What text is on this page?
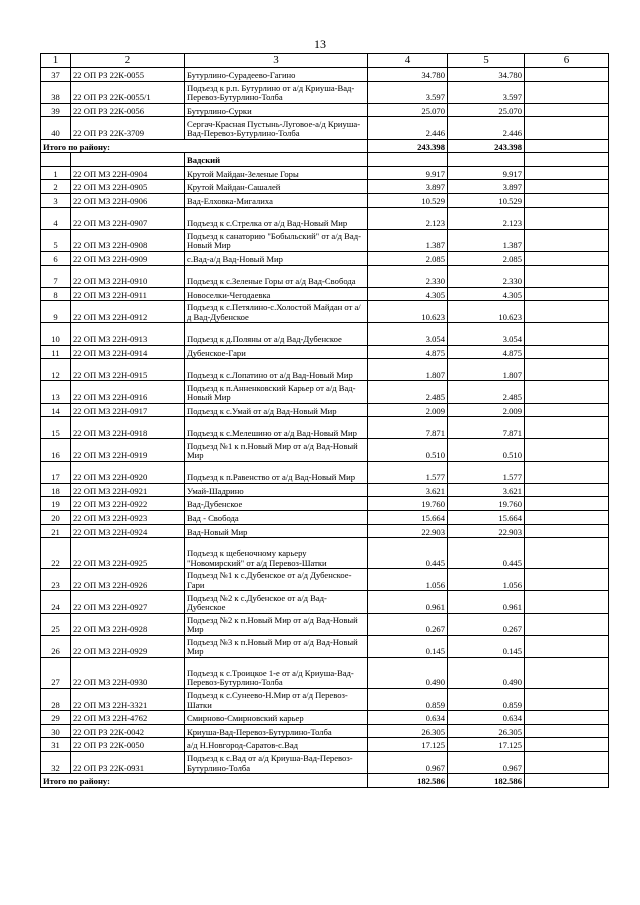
13
1	2	3	4	5	6
37	22 ОП РЗ 22К-0055	Бутурлино-Сурадеево-Гагино	34.780	34.780	
38	22 ОП РЗ 22К-0055/1	Подъезд к р.п. Бутурлино от а/д Криуша-Вад-Перевоз-Бутурлино-Толба	3.597	3.597	
39	22 ОП РЗ 22К-0056	Бутурлино-Сурки	25.070	25.070	
40	22 ОП РЗ 22К-3709	Сергач-Красная Пустынь-Луговое-а/д Криуша-Вад-Перевоз-Бутурлино-Толба	2.446	2.446	
Итого по району:			243.398	243.398	
		Вадский			
1	22 ОП МЗ 22Н-0904	Крутой Майдан-Зеленые Горы	9.917	9.917	
2	22 ОП МЗ 22Н-0905	Крутой Майдан-Сашалей	3.897	3.897	
3	22 ОП МЗ 22Н-0906	Вад-Елховка-Мигалиха	10.529	10.529	
4	22 ОП МЗ 22Н-0907	Подъезд к с.Стрелка от а/д Вад-Новый Мир	2.123	2.123	
5	22 ОП МЗ 22Н-0908	Подъезд к санаторию "Бобыльский" от а/д Вад-Новый Мир	1.387	1.387	
6	22 ОП МЗ 22Н-0909	с.Вад-а/д Вад-Новый Мир	2.085	2.085	
7	22 ОП МЗ 22Н-0910	Подъезд к с.Зеленые Горы от а/д Вад-Свобода	2.330	2.330	
8	22 ОП МЗ 22Н-0911	Новоселки-Чегодаевка	4.305	4.305	
9	22 ОП МЗ 22Н-0912	Подъезд к с.Петялино-с.Холостой Майдан от а/д Вад-Дубенское	10.623	10.623	
10	22 ОП МЗ 22Н-0913	Подъезд к д.Поляны от а/д Вад-Дубенское	3.054	3.054	
11	22 ОП МЗ 22Н-0914	Дубенское-Гари	4.875	4.875	
12	22 ОП МЗ 22Н-0915	Подъезд к с.Лопатино от а/д Вад-Новый Мир	1.807	1.807	
13	22 ОП МЗ 22Н-0916	Подъезд к п.Анненковский Карьер от а/д Вад-Новый Мир	2.485	2.485	
14	22 ОП МЗ 22Н-0917	Подъезд к с.Умай от а/д Вад-Новый Мир	2.009	2.009	
15	22 ОП МЗ 22Н-0918	Подъезд к с.Мелешино от а/д Вад-Новый Мир	7.871	7.871	
16	22 ОП МЗ 22Н-0919	Подъезд №1 к п.Новый Мир от а/д Вад-Новый Мир	0.510	0.510	
17	22 ОП МЗ 22Н-0920	Подъезд к п.Равенство от а/д Вад-Новый Мир	1.577	1.577	
18	22 ОП МЗ 22Н-0921	Умай-Шадрино	3.621	3.621	
19	22 ОП МЗ 22Н-0922	Вад-Дубенское	19.760	19.760	
20	22 ОП МЗ 22Н-0923	Вад - Свобода	15.664	15.664	
21	22 ОП МЗ 22Н-0924	Вад-Новый Мир	22.903	22.903	
22	22 ОП МЗ 22Н-0925	Подъезд к щебеночному карьеру "Новомирский" от а/д Перевоз-Шатки	0.445	0.445	
23	22 ОП МЗ 22Н-0926	Подъезд №1 к с.Дубенское от а/д Дубенское-Гари	1.056	1.056	
24	22 ОП МЗ 22Н-0927	Подъезд №2 к с.Дубенское от а/д Вад-Дубенское	0.961	0.961	
25	22 ОП МЗ 22Н-0928	Подъезд №2 к п.Новый Мир от а/д Вад-Новый Мир	0.267	0.267	
26	22 ОП МЗ 22Н-0929	Подъезд №3 к п.Новый Мир от а/д Вад-Новый Мир	0.145	0.145	
27	22 ОП МЗ 22Н-0930	Подъезд к с.Троицкое 1-е от а/д Криуша-Вад-Перевоз-Бутурлино-Толба	0.490	0.490	
28	22 ОП МЗ 22Н-3321	Подъезд к с.Сунеево-Н.Мир от а/д Перевоз-Шатки	0.859	0.859	
29	22 ОП МЗ 22Н-4762	Смирново-Смирновский карьер	0.634	0.634	
30	22 ОП РЗ 22К-0042	Криуша-Вад-Перевоз-Бутурлино-Толба	26.305	26.305	
31	22 ОП РЗ 22К-0050	а/д Н.Новгород-Саратов-с.Вад	17.125	17.125	
32	22 ОП РЗ 22К-0931	Подъезд к с.Вад от а/д Криуша-Вад-Перевоз-Бутурлино-Толба	0.967	0.967	
Итого по району:			182.586	182.586	
